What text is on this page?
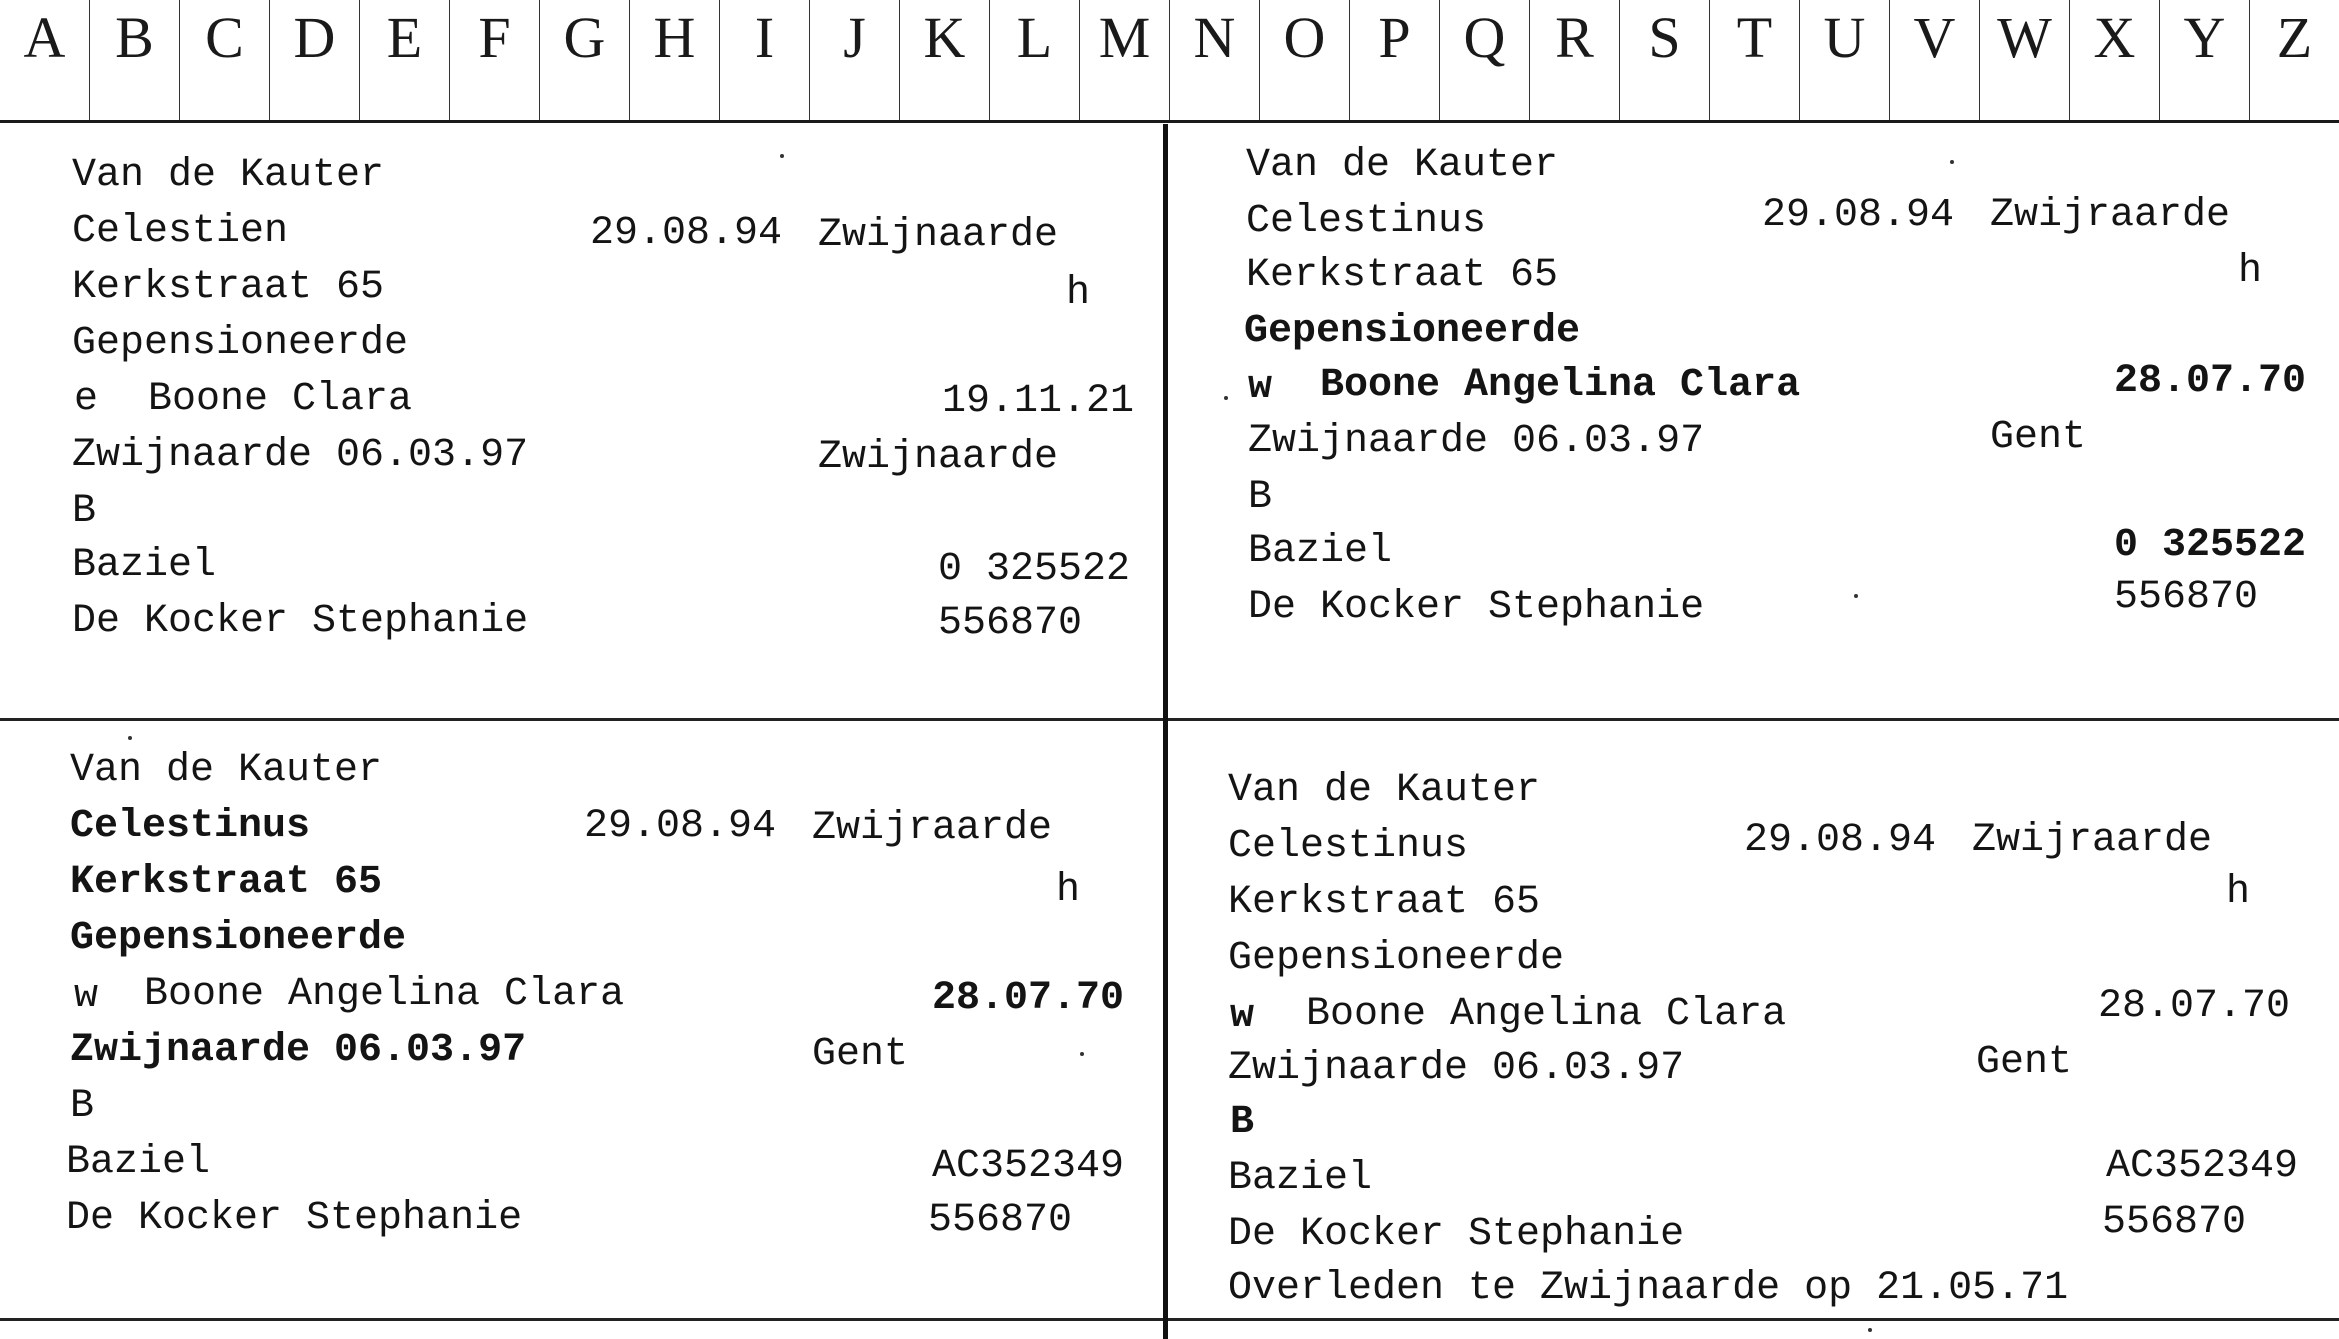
A B C D E F G H	I	J K L M N O P Q R S T U V W X Y Z
Van de Kauter
Celestien	29.08.94 Zwijnaarde
Kerkstraat 65	h
Gepensioneerde
e Boone Clara	19.11.21
Zwijnaarde 06.03.97	Zwijnaarde
B
Baziel	0 325522
De Kocker Stephanie	556870
Van de Kauter
Celestinus	29.08.94 Zwijraarde
Kerkstraat 65	h
Gepensioneerde
w Boone Angelina Clara	28.07.70
Zwijnaarde 06.03.97	Gent
B
Baziel	0 325522
De Kocker Stephanie	556870
Van de Kauter
Celestinus	29.08.94 Zwijraarde
Kerkstraat 65	h
Gepensioneerde
w Boone Angelina Clara	28.07.70
Zwijnaarde 06.03.97	Gent
B
Baziel	AC352349
De Kocker Stephanie	556870
Van de Kauter
Celestinus	29.08.94 Zwijraarde
Kerkstraat 65	h
Gepensioneerde
w Boone Angelina Clara	28.07.70
Zwijnaarde 06.03.97	Gent
B
Baziel	AC352349
De Kocker Stephanie	556870
Overleden te Zwijnaarde op 21.05.71
